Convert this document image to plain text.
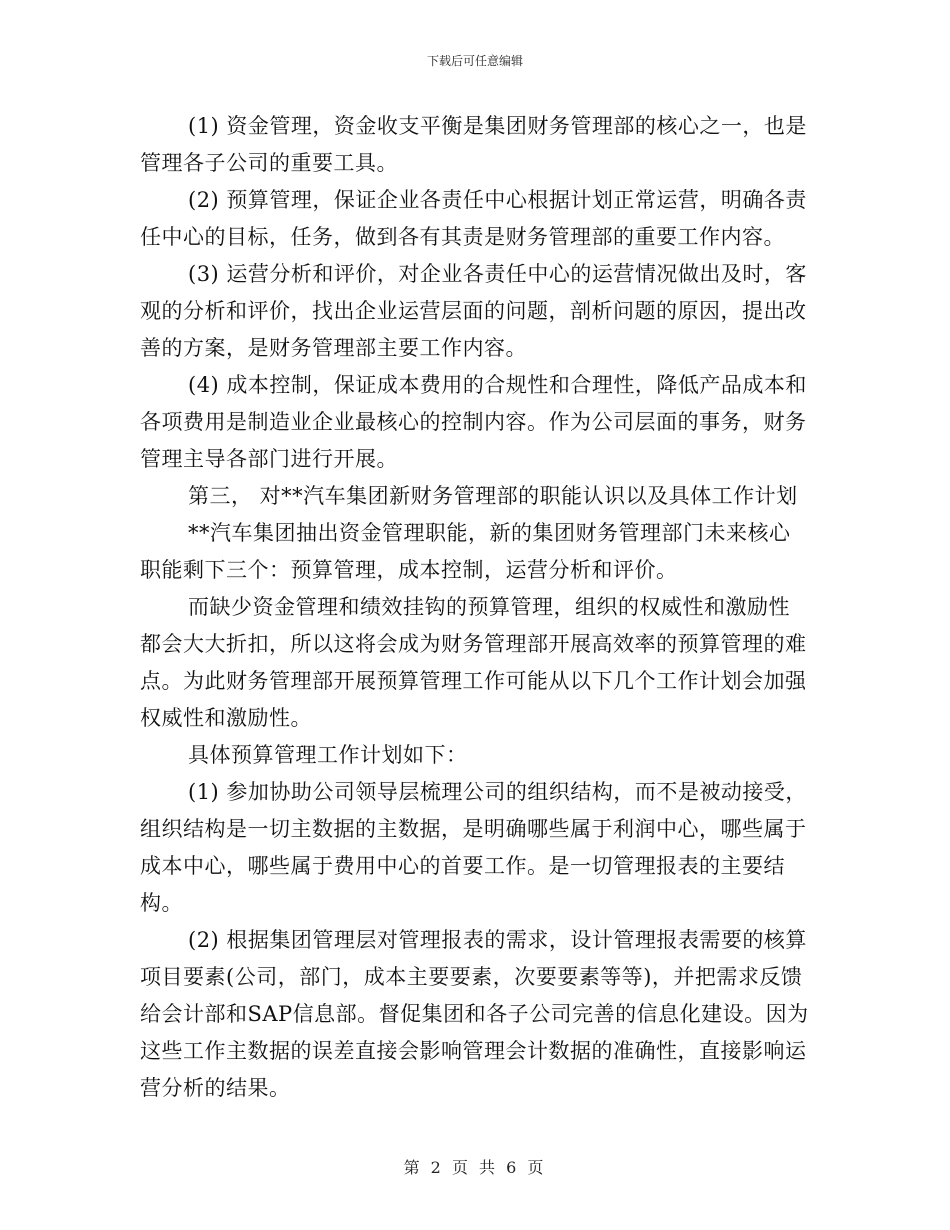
下载后可任意编辑

(1) 资金管理，资金收支平衡是集团财务管理部的核心之一，也是管理各子公司的重要工具。

(2) 预算管理，保证企业各责任中心根据计划正常运营，明确各责任中心的目标，任务，做到各有其责是财务管理部的重要工作内容。

(3) 运营分析和评价，对企业各责任中心的运营情况做出及时，客观的分析和评价，找出企业运营层面的问题，剖析问题的原因，提出改善的方案，是财务管理部主要工作内容。

(4) 成本控制，保证成本费用的合规性和合理性，降低产品成本和各项费用是制造业企业最核心的控制内容。作为公司层面的事务，财务管理主导各部门进行开展。

第三， 对**汽车集团新财务管理部的职能认识以及具体工作计划

**汽车集团抽出资金管理职能，新的集团财务管理部门未来核心职能剩下三个：预算管理，成本控制，运营分析和评价。

而缺少资金管理和绩效挂钩的预算管理，组织的权威性和激励性都会大大折扣，所以这将会成为财务管理部开展高效率的预算管理的难点。为此财务管理部开展预算管理工作可能从以下几个工作计划会加强权威性和激励性。

具体预算管理工作计划如下：

(1) 参加协助公司领导层梳理公司的组织结构，而不是被动接受，组织结构是一切主数据的主数据，是明确哪些属于利润中心，哪些属于成本中心，哪些属于费用中心的首要工作。是一切管理报表的主要结构。

(2) 根据集团管理层对管理报表的需求，设计管理报表需要的核算项目要素(公司，部门，成本主要要素，次要要素等等)，并把需求反馈给会计部和SAP信息部。督促集团和各子公司完善的信息化建设。因为这些工作主数据的误差直接会影响管理会计数据的准确性，直接影响运营分析的结果。

第 2 页 共 6 页
